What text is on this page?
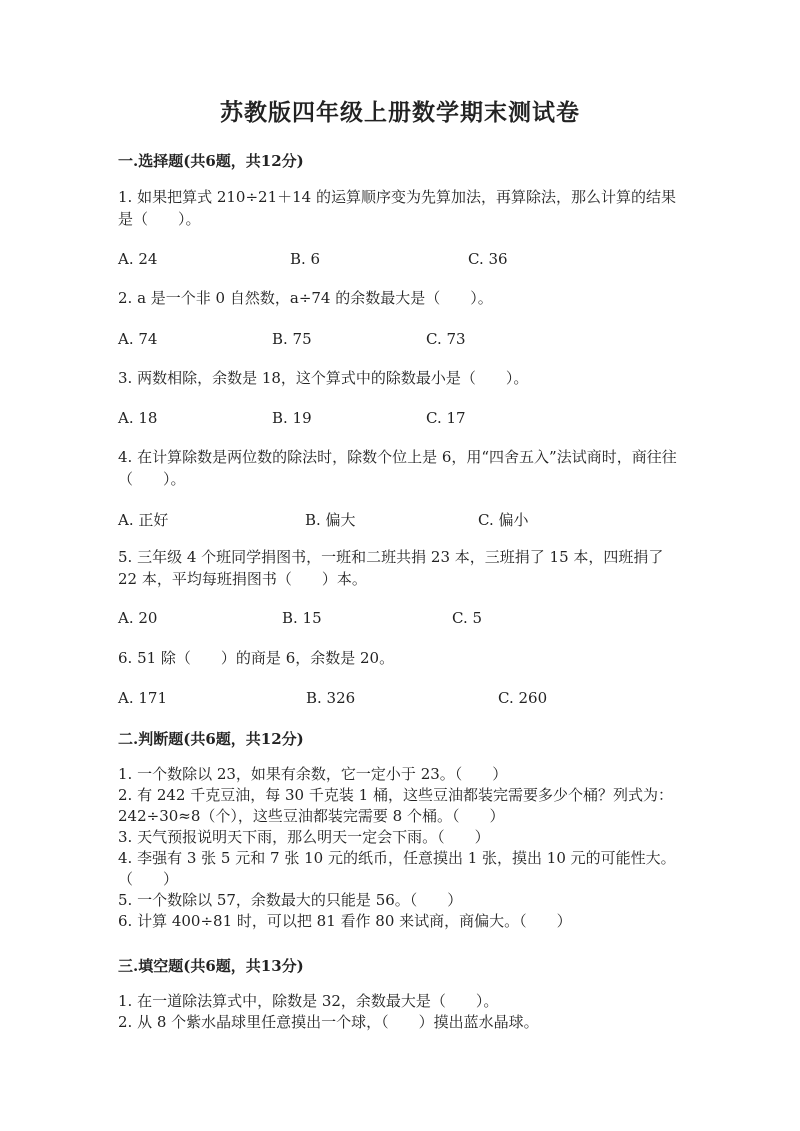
苏教版四年级上册数学期末测试卷
一.选择题(共6题，共12分)
1. 如果把算式 210÷21＋14 的运算顺序变为先算加法，再算除法，那么计算的结果是（　　）。
A. 24	B. 6	C. 36
2. a 是一个非 0 自然数，a÷74 的余数最大是（　　）。
A. 74	B. 75	C. 73
3. 两数相除，余数是 18，这个算式中的除数最小是（　　）。
A. 18	B. 19	C. 17
4. 在计算除数是两位数的除法时，除数个位上是 6，用“四舍五入”法试商时，商往往（　　）。
A. 正好	B. 偏大	C. 偏小
5. 三年级 4 个班同学捐图书，一班和二班共捐 23 本，三班捐了 15 本，四班捐了 22 本，平均每班捐图书（　　）本。
A. 20	B. 15	C. 5
6. 51 除（　　）的商是 6，余数是 20。
A. 171	B. 326	C. 260
二.判断题(共6题，共12分)
1. 一个数除以 23，如果有余数，它一定小于 23。（　　）
2. 有 242 千克豆油，每 30 千克装 1 桶，这些豆油都装完需要多少个桶？列式为：242÷30≈8（个），这些豆油都装完需要 8 个桶。（　　）
3. 天气预报说明天下雨，那么明天一定会下雨。（　　）
4. 李强有 3 张 5 元和 7 张 10 元的纸币，任意摸出 1 张，摸出 10 元的可能性大。（　　）
5. 一个数除以 57，余数最大的只能是 56。（　　）
6. 计算 400÷81 时，可以把 81 看作 80 来试商，商偏大。（　　）
三.填空题(共6题，共13分)
1. 在一道除法算式中，除数是 32，余数最大是（　　）。
2. 从 8 个紫水晶球里任意摸出一个球，（　　）摸出蓝水晶球。
